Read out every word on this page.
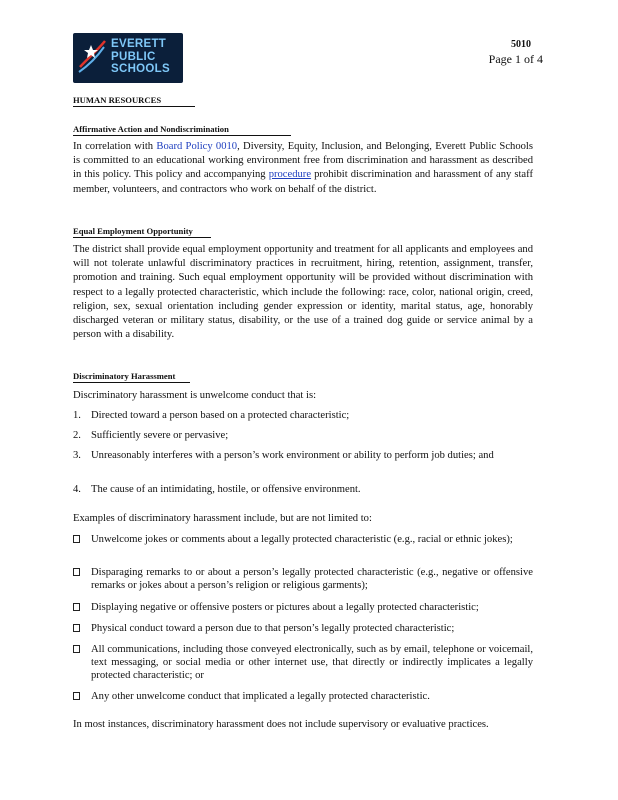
EVERETT
PUBLIC
SCHOOLS
5010
Page 1 of 4
HUMAN RESOURCES
Affirmative Action and Nondiscrimination

In correlation with Board Policy 0010, Diversity, Equity, Inclusion, and Belonging, Everett Public Schools is committed to an educational working environment free from discrimination and harassment as described in this policy. This policy and accompanying procedure prohibit discrimination and harassment of any staff member, volunteers, and contractors who work on behalf of the district.

Equal Employment Opportunity

The district shall provide equal employment opportunity and treatment for all applicants and employees and will not tolerate unlawful discriminatory practices in recruitment, hiring, retention, assignment, transfer, promotion and training. Such equal employment opportunity will be provided without discrimination with respect to a legally protected characteristic, which include the following: race, color, national origin, creed, religion, sex, sexual orientation including gender expression or identity, marital status, age, honorably discharged veteran or military status, disability, or the use of a trained dog guide or service animal by a person with a disability.

Discriminatory Harassment

Discriminatory harassment is unwelcome conduct that is:

1. Directed toward a person based on a protected characteristic;
2. Sufficiently severe or pervasive;
3. Unreasonably interferes with a person’s work environment or ability to perform job duties; and
4. The cause of an intimidating, hostile, or offensive environment.

Examples of discriminatory harassment include, but are not limited to:

Unwelcome jokes or comments about a legally protected characteristic (e.g., racial or ethnic jokes);
Disparaging remarks to or about a person’s legally protected characteristic (e.g., negative or offensive remarks or jokes about a person’s religion or religious garments);
Displaying negative or offensive posters or pictures about a legally protected characteristic;
Physical conduct toward a person due to that person’s legally protected characteristic;
All communications, including those conveyed electronically, such as by email, telephone or voicemail, text messaging, or social media or other internet use, that directly or indirectly implicates a legally protected characteristic; or
Any other unwelcome conduct that implicated a legally protected characteristic.

In most instances, discriminatory harassment does not include supervisory or evaluative practices.
